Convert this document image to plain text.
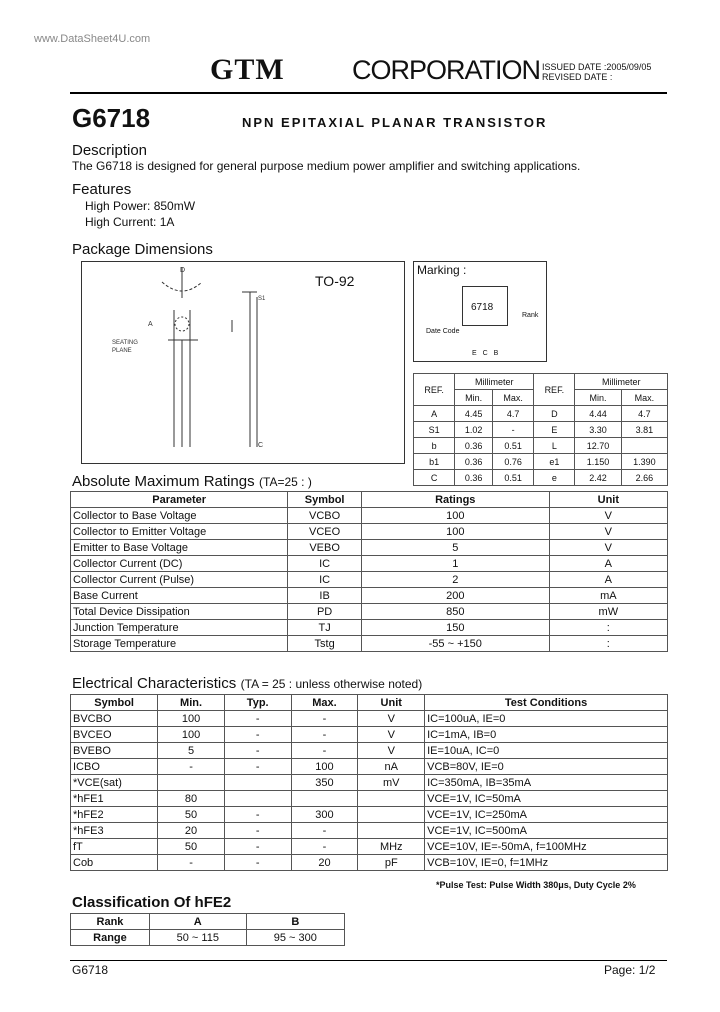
www.DataSheet4U.com
GTM CORPORATION ISSUED DATE :2005/09/05
REVISED DATE :
G6718	NPN EPITAXIAL PLANAR TRANSISTOR
Description
The G6718 is designed for general purpose medium power amplifier and switching applications.
Features
High Power: 850mW
High Current: 1A
Package Dimensions
D
A
S1
C
SEATING
PLANE
TO-92
Marking :
6718
Rank
Date Code
E C B
REF.	Millimeter		REF.	Millimeter	
	Min.	Max.		Min.	Max.
A	4.45	4.7	D	4.44	4.7
S1	1.02	-	E	3.30	3.81
b	0.36	0.51	L	12.70	
b1	0.36	0.76	e1	1.150	1.390
C	0.36	0.51	e	2.42	2.66
Absolute Maximum Ratings (TA=25 : )
Parameter	Symbol	Ratings	Unit
Collector to Base Voltage	VCBO	100	V
Collector to Emitter Voltage	VCEO	100	V
Emitter to Base Voltage	VEBO	5	V
Collector Current (DC)	IC	1	A
Collector Current (Pulse)	IC	2	A
Base Current	IB	200	mA
Total Device Dissipation	PD	850	mW
Junction Temperature	TJ	150	:
Storage Temperature	Tstg	-55 ~ +150	:
Electrical Characteristics (TA = 25 : unless otherwise noted)
Symbol	Min.	Typ.	Max.	Unit	Test Conditions
BVCBO	100	-	-	V	IC=100uA, IE=0
BVCEO	100	-	-	V	IC=1mA, IB=0
BVEBO	5	-	-	V	IE=10uA, IC=0
ICBO	-	-	100	nA	VCB=80V, IE=0
*VCE(sat)			350	mV	IC=350mA, IB=35mA
*hFE1	80				VCE=1V, IC=50mA
*hFE2	50	-	300		VCE=1V, IC=250mA
*hFE3	20	-	-		VCE=1V, IC=500mA
fT	50	-	-	MHz	VCE=10V, IE=-50mA, f=100MHz
Cob	-	-	20	pF	VCB=10V, IE=0, f=1MHz
*Pulse Test: Pulse Width 380μs, Duty Cycle 2%
Classification Of hFE2
Rank	A	B
Range	50 ~ 115	95 ~ 300
G6718	Page: 1/2
